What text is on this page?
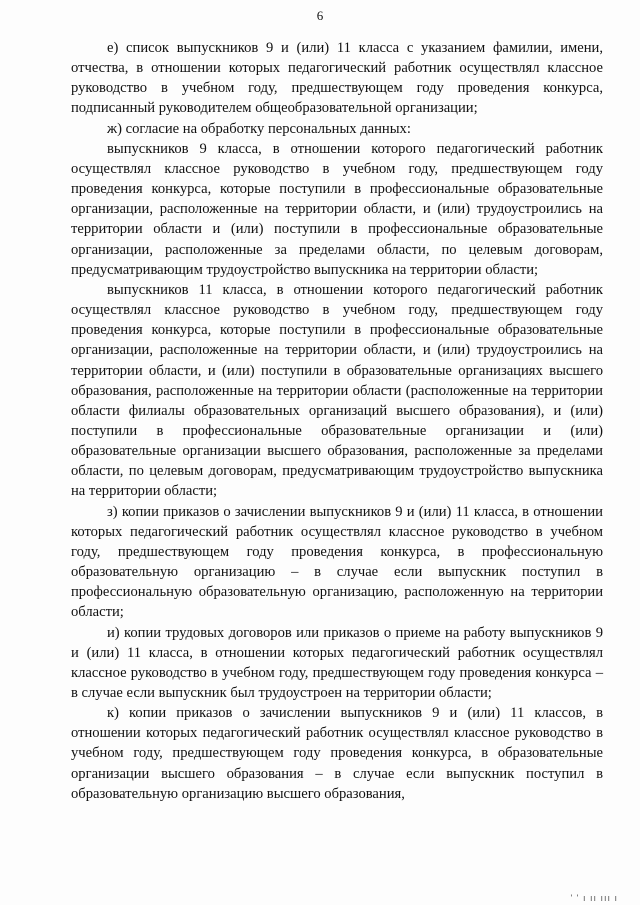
6

е) список выпускников 9 и (или) 11 класса с указанием фамилии, имени, отчества, в отношении которых педагогический работник осуществлял классное руководство в учебном году, предшествующем году проведения конкурса, подписанный руководителем общеобразовательной организации;

ж) согласие на обработку персональных данных:

выпускников 9 класса, в отношении которого педагогический работник осуществлял классное руководство в учебном году, предшествующем году проведения конкурса, которые поступили в профессиональные образовательные организации, расположенные на территории области, и (или) трудоустроились на территории области и (или) поступили в профессиональные образовательные организации, расположенные за пределами области, по целевым договорам, предусматривающим трудоустройство выпускника на территории области;

выпускников 11 класса, в отношении которого педагогический работник осуществлял классное руководство в учебном году, предшествующем году проведения конкурса, которые поступили в профессиональные образовательные организации, расположенные на территории области, и (или) трудоустроились на территории области, и (или) поступили в образовательные организациях высшего образования, расположенные на территории области (расположенные на территории области филиалы образовательных организаций высшего образования), и (или) поступили в профессиональные образовательные организации и (или) образовательные организации высшего образования, расположенные за пределами области, по целевым договорам, предусматривающим трудоустройство выпускника на территории области;

з) копии приказов о зачислении выпускников 9 и (или) 11 класса, в отношении которых педагогический работник осуществлял классное руководство в учебном году, предшествующем году проведения конкурса, в профессиональную образовательную организацию – в случае если выпускник поступил в профессиональную образовательную организацию, расположенную на территории области;

и) копии трудовых договоров или приказов о приеме на работу выпускников 9 и (или) 11 класса, в отношении которых педагогический работник осуществлял классное руководство в учебном году, предшествующем году проведения конкурса – в случае если выпускник был трудоустроен на территории области;

к) копии приказов о зачислении выпускников 9 и (или) 11 классов, в отношении которых педагогический работник осуществлял классное руководство в учебном году, предшествующем году проведения конкурса, в образовательные организации высшего образования – в случае если выпускник поступил в образовательную организацию высшего образования,

' ' ı ıı ııı ı
